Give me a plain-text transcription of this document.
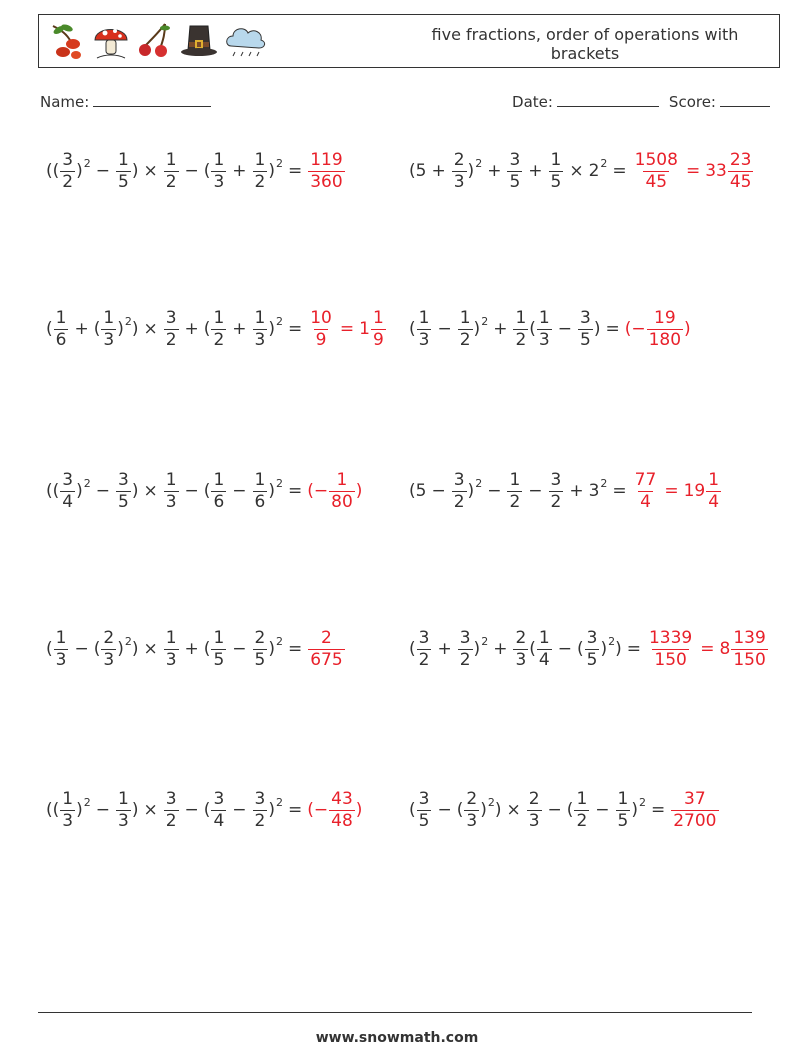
five fractions, order of operations with brackets
Name:	Date:	Score:
( ( $\frac{3}{2}$ ) $2 - \frac{1}{5}$ ) × $\frac{1}{2}$ − ( $\frac{1}{3} + \frac{1}{2}$ ) $2 = \frac{119}{360}$	( $5 + \frac{2}{3}$ ) $2 + \frac{3}{5} + \frac{1}{5} \times 2$ $2 = \frac{1508}{45} = 33 \frac{23}{45}$
( $\frac{1}{6}$ + ( $\frac{1}{3}$ ) 2 ) × $\frac{3}{2}$ + ( $\frac{1}{2} + \frac{1}{3}$ ) $2 = \frac{10}{9} = 1 \frac{1}{9}$ ( $\frac{1}{3} - \frac{1}{2}$ ) $2 + \frac{1}{2}$ ( $\frac{1}{3} - \frac{3}{5}$ ) = (− $\frac{19}{180}$ )
( ( $\frac{3}{4}$ ) $2 - \frac{3}{5}$ ) × $\frac{1}{3}$ − ( $\frac{1}{6} - \frac{1}{6}$ ) 2 = (− $\frac{1}{80}$ )	( $5 - \frac{3}{2}$ ) $2 - \frac{1}{2} - \frac{3}{2} + 3$ $2 = \frac{77}{4} = 19 \frac{1}{4}$
( $\frac{1}{3}$ − ( $\frac{2}{3}$ ) 2 ) × $\frac{1}{3}$ + ( $\frac{1}{5} - \frac{2}{5}$ ) $2 = \frac{2}{675}$	( $\frac{3}{2} + \frac{3}{2}$ ) $2 + \frac{2}{3}$ ( $\frac{1}{4}$ − ( $\frac{3}{5}$ ) 2 ) = $\frac{1339}{150} = 8 \frac{139}{150}$
( ( $\frac{1}{3}$ ) $2 - \frac{1}{3}$ ) × $\frac{3}{2}$ − ( $\frac{3}{4} - \frac{3}{2}$ ) 2 = (− $\frac{43}{48}$ )	( $\frac{3}{5}$ − ( $\frac{2}{3}$ ) 2 ) × $\frac{2}{3}$ − ( $\frac{1}{2} - \frac{1}{5}$ ) $2 = \frac{37}{2700}$
www.snowmath.com
